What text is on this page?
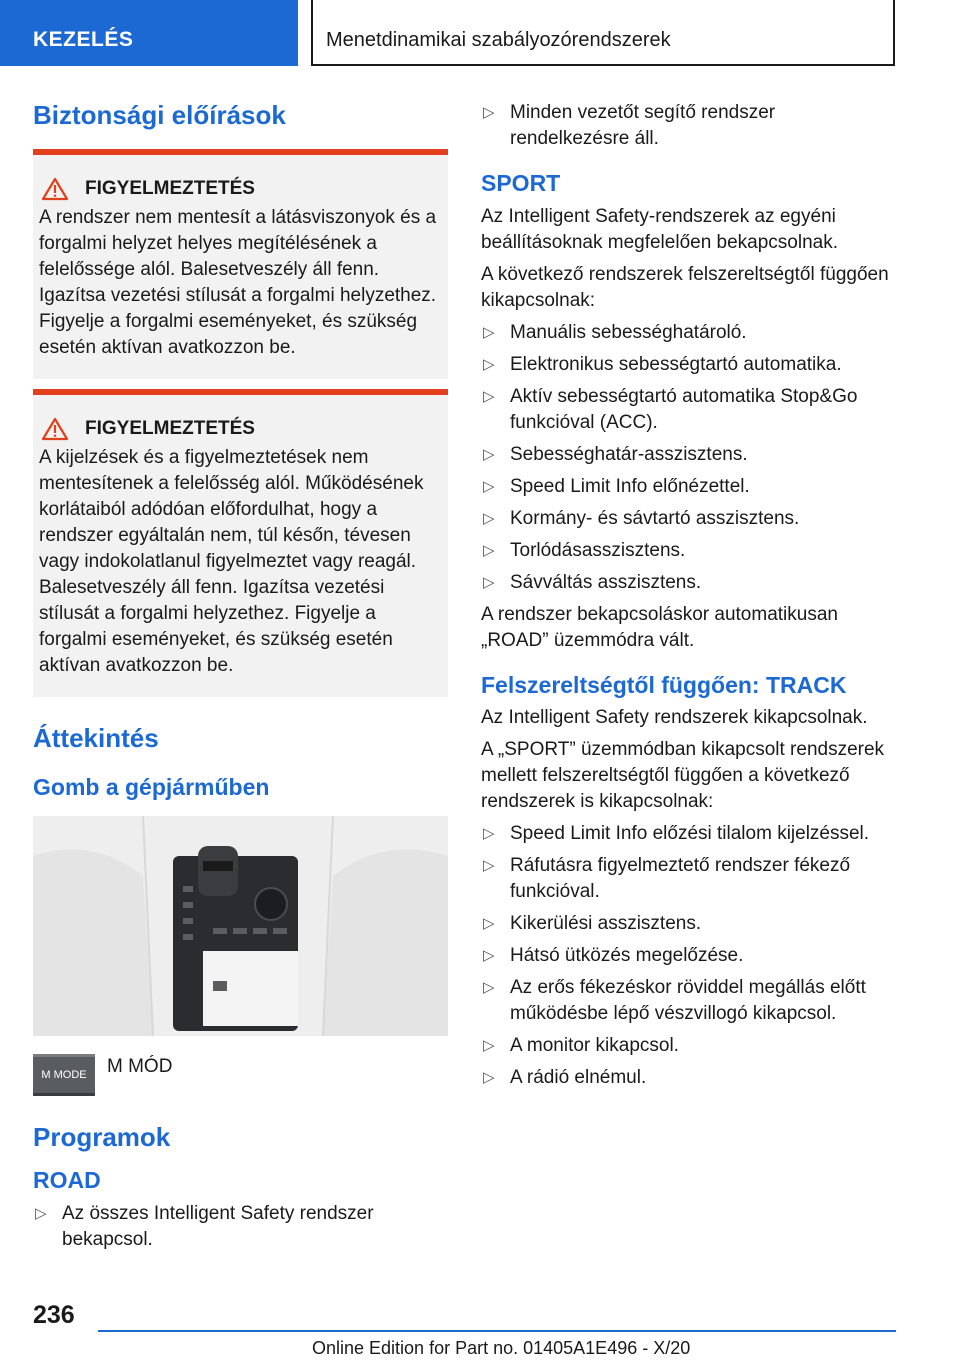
KEZELÉS	Menetdinamikai szabályozórendszerek
Biztonsági előírások
FIGYELMEZTETÉS
A rendszer nem mentesít a látásviszonyok és a forgalmi helyzet helyes megítélésének a felelőssége alól. Balesetveszély áll fenn. Igazítsa vezetési stílusát a forgalmi helyzethez. Figyelje a forgalmi eseményeket, és szükség esetén aktívan avatkozzon be.
FIGYELMEZTETÉS
A kijelzések és a figyelmeztetések nem mentesítenek a felelősség alól. Működésének korlátaiból adódóan előfordulhat, hogy a rendszer egyáltalán nem, túl későn, tévesen vagy indokolatlanul figyelmeztet vagy reagál. Balesetveszély áll fenn. Igazítsa vezetési stílusát a forgalmi helyzethez. Figyelje a forgalmi eseményeket, és szükség esetén aktívan avatkozzon be.
Áttekintés
Gomb a gépjárműben
M MODE	M MÓD
Programok
ROAD
▷ Az összes Intelligent Safety rendszer bekapcsol.
▷ Minden vezetőt segítő rendszer rendelkezésre áll.
SPORT

Az Intelligent Safety-rendszerek az egyéni beállításoknak megfelelően bekapcsolnak.

A következő rendszerek felszereltségtől függően kikapcsolnak:

▷ Manuális sebességhatároló.
▷ Elektronikus sebességtartó automatika.
▷ Aktív sebességtartó automatika Stop&Go funkcióval (ACC).
▷ Sebességhatár-asszisztens.
▷ Speed Limit Info előnézettel.
▷ Kormány- és sávtartó asszisztens.
▷ Torlódásasszisztens.
▷ Sávváltás asszisztens.

A rendszer bekapcsoláskor automatikusan „ROAD” üzemmódra vált.

Felszereltségtől függően: TRACK

Az Intelligent Safety rendszerek kikapcsolnak.

A „SPORT” üzemmódban kikapcsolt rendszerek mellett felszereltségtől függően a következő rendszerek is kikapcsolnak:

▷ Speed Limit Info előzési tilalom kijelzéssel.
▷ Ráfutásra figyelmeztető rendszer fékező funkcióval.
▷ Kikerülési asszisztens.
▷ Hátsó ütközés megelőzése.
▷ Az erős fékezéskor röviddel megállás előtt működésbe lépő vészvillogó kikapcsol.
▷ A monitor kikapcsol.
▷ A rádió elnémul.
236
Online Edition for Part no. 01405A1E496 - X/20
